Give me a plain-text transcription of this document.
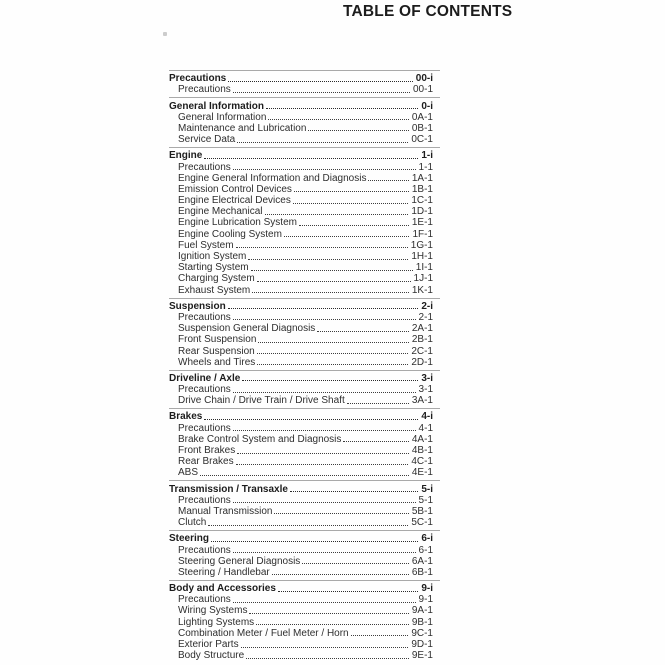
TABLE OF CONTENTS
Precautions	00-i
Precautions	00-1
General Information	0-i
General Information	0A-1
Maintenance and Lubrication	0B-1
Service Data	0C-1
Engine	1-i
Precautions	1-1
Engine General Information and Diagnosis	1A-1
Emission Control Devices	1B-1
Engine Electrical Devices	1C-1
Engine Mechanical	1D-1
Engine Lubrication System	1E-1
Engine Cooling System	1F-1
Fuel System	1G-1
Ignition System	1H-1
Starting System	1I-1
Charging System	1J-1
Exhaust System	1K-1
Suspension	2-i
Precautions	2-1
Suspension General Diagnosis	2A-1
Front Suspension	2B-1
Rear Suspension	2C-1
Wheels and Tires	2D-1
Driveline / Axle	3-i
Precautions	3-1
Drive Chain / Drive Train / Drive Shaft	3A-1
Brakes	4-i
Precautions	4-1
Brake Control System and Diagnosis	4A-1
Front Brakes	4B-1
Rear Brakes	4C-1
ABS	4E-1
Transmission / Transaxle	5-i
Precautions	5-1
Manual Transmission	5B-1
Clutch	5C-1
Steering	6-i
Precautions	6-1
Steering General Diagnosis	6A-1
Steering / Handlebar	6B-1
Body and Accessories	9-i
Precautions	9-1
Wiring Systems	9A-1
Lighting Systems	9B-1
Combination Meter / Fuel Meter / Horn	9C-1
Exterior Parts	9D-1
Body Structure	9E-1
